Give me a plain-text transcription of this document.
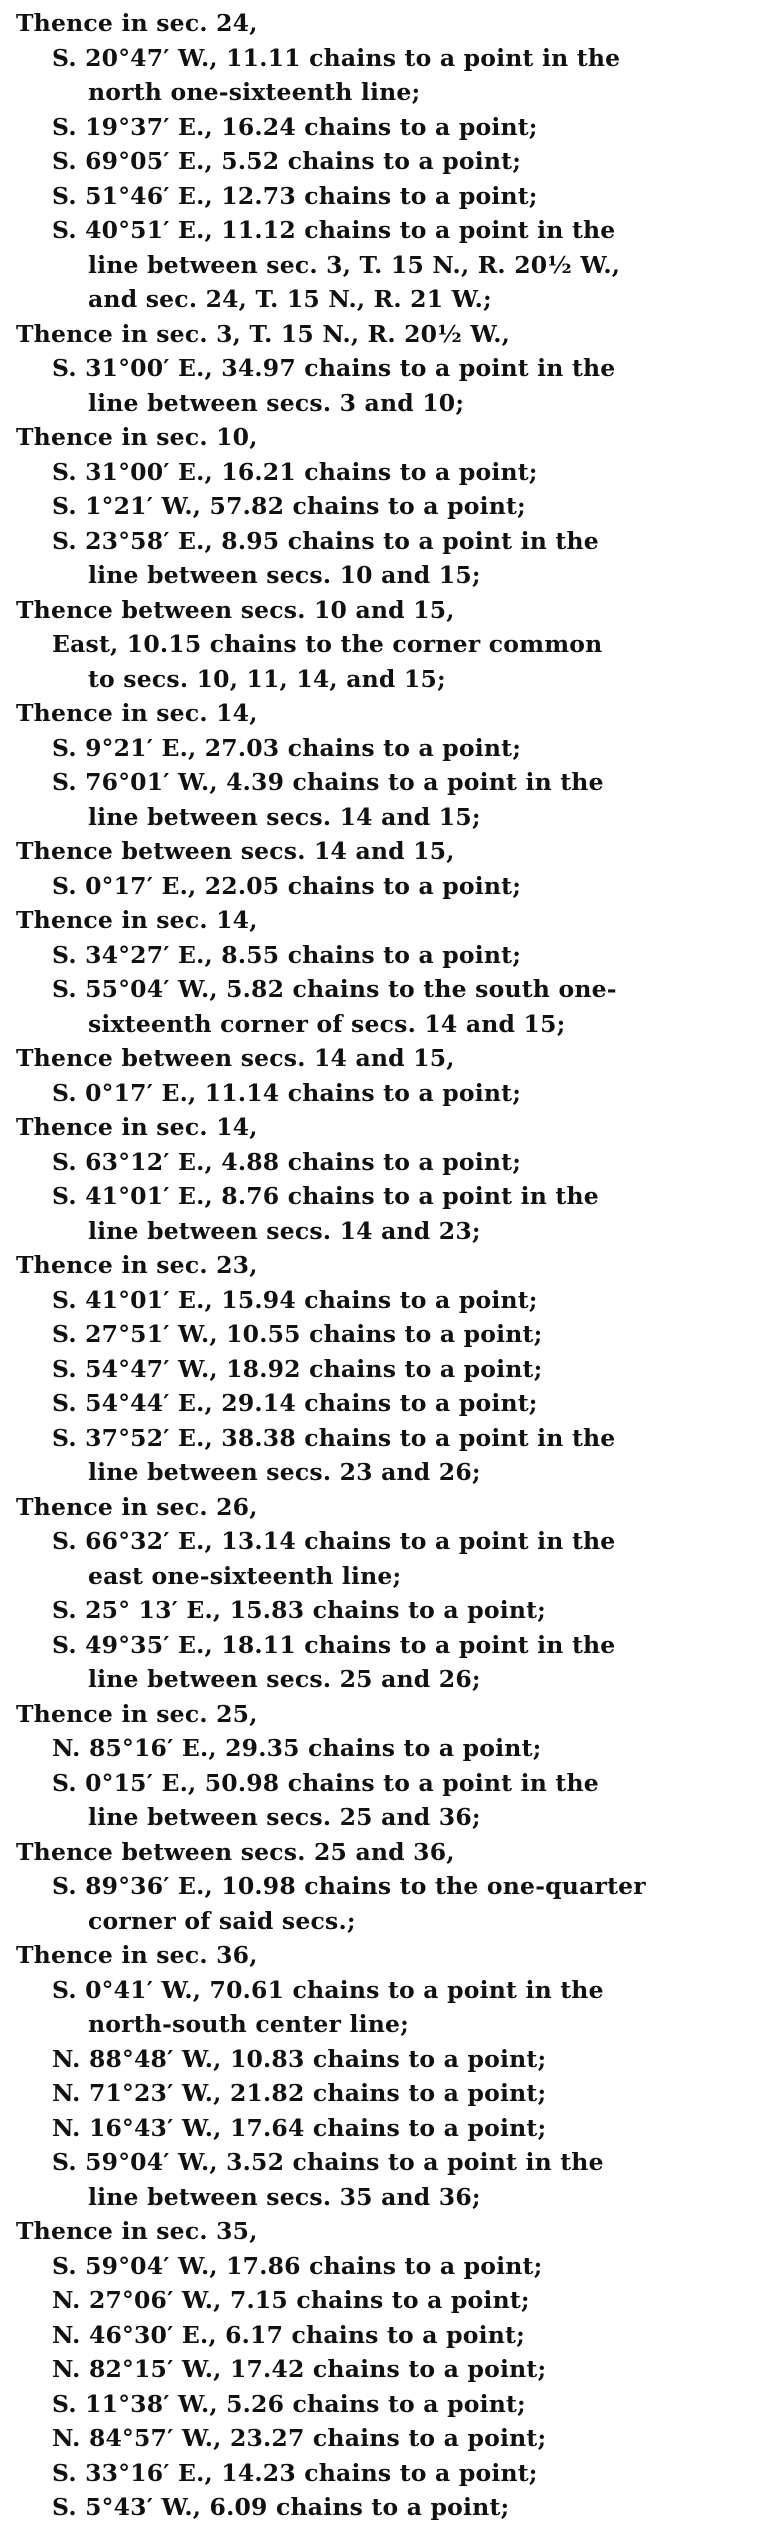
Thence in sec. 24,
S. 20°47′ W., 11.11 chains to a point in the
north one-sixteenth line;
S. 19°37′ E., 16.24 chains to a point;
S. 69°05′ E., 5.52 chains to a point;
S. 51°46′ E., 12.73 chains to a point;
S. 40°51′ E., 11.12 chains to a point in the
line between sec. 3, T. 15 N., R. 20½ W.,
and sec. 24, T. 15 N., R. 21 W.;
Thence in sec. 3, T. 15 N., R. 20½ W.,
S. 31°00′ E., 34.97 chains to a point in the
line between secs. 3 and 10;
Thence in sec. 10,
S. 31°00′ E., 16.21 chains to a point;
S. 1°21′ W., 57.82 chains to a point;
S. 23°58′ E., 8.95 chains to a point in the
line between secs. 10 and 15;
Thence between secs. 10 and 15,
East, 10.15 chains to the corner common
to secs. 10, 11, 14, and 15;
Thence in sec. 14,
S. 9°21′ E., 27.03 chains to a point;
S. 76°01′ W., 4.39 chains to a point in the
line between secs. 14 and 15;
Thence between secs. 14 and 15,
S. 0°17′ E., 22.05 chains to a point;
Thence in sec. 14,
S. 34°27′ E., 8.55 chains to a point;
S. 55°04′ W., 5.82 chains to the south one-
sixteenth corner of secs. 14 and 15;
Thence between secs. 14 and 15,
S. 0°17′ E., 11.14 chains to a point;
Thence in sec. 14,
S. 63°12′ E., 4.88 chains to a point;
S. 41°01′ E., 8.76 chains to a point in the
line between secs. 14 and 23;
Thence in sec. 23,
S. 41°01′ E., 15.94 chains to a point;
S. 27°51′ W., 10.55 chains to a point;
S. 54°47′ W., 18.92 chains to a point;
S. 54°44′ E., 29.14 chains to a point;
S. 37°52′ E., 38.38 chains to a point in the
line between secs. 23 and 26;
Thence in sec. 26,
S. 66°32′ E., 13.14 chains to a point in the
east one-sixteenth line;
S. 25° 13′ E., 15.83 chains to a point;
S. 49°35′ E., 18.11 chains to a point in the
line between secs. 25 and 26;
Thence in sec. 25,
N. 85°16′ E., 29.35 chains to a point;
S. 0°15′ E., 50.98 chains to a point in the
line between secs. 25 and 36;
Thence between secs. 25 and 36,
S. 89°36′ E., 10.98 chains to the one-quarter
corner of said secs.;
Thence in sec. 36,
S. 0°41′ W., 70.61 chains to a point in the
north-south center line;
N. 88°48′ W., 10.83 chains to a point;
N. 71°23′ W., 21.82 chains to a point;
N. 16°43′ W., 17.64 chains to a point;
S. 59°04′ W., 3.52 chains to a point in the
line between secs. 35 and 36;
Thence in sec. 35,
S. 59°04′ W., 17.86 chains to a point;
N. 27°06′ W., 7.15 chains to a point;
N. 46°30′ E., 6.17 chains to a point;
N. 82°15′ W., 17.42 chains to a point;
S. 11°38′ W., 5.26 chains to a point;
N. 84°57′ W., 23.27 chains to a point;
S. 33°16′ E., 14.23 chains to a point;
S. 5°43′ W., 6.09 chains to a point;
